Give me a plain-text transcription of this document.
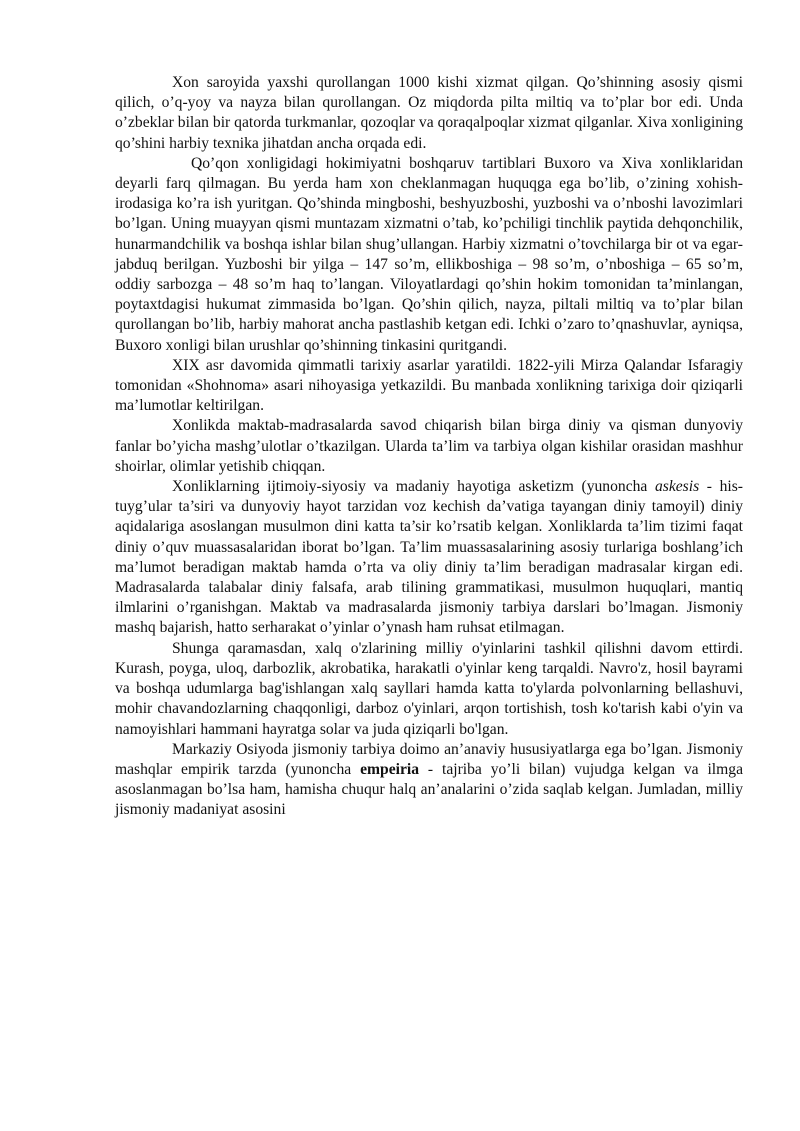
Xon saroyida yaxshi qurollangan 1000 kishi xizmat qilgan. Qo’shinning asosiy qismi qilich, o’q-yoy va nayza bilan qurollangan. Oz miqdorda pilta miltiq va to’plar bor edi. Unda o’zbeklar bilan bir qatorda turkmanlar, qozoqlar va qoraqalpoqlar xizmat qilganlar. Xiva xonligining qo’shini harbiy texnika jihatdan ancha orqada edi.

Qo’qon xonligidagi hokimiyatni boshqaruv tartiblari Buxoro va Xiva xonliklaridan deyarli farq qilmagan. Bu yerda ham xon cheklanmagan huquqga ega bo’lib, o’zining xohish-irodasiga ko’ra ish yuritgan. Qo’shinda mingboshi, beshyuzboshi, yuzboshi va o’nboshi lavozimlari bo’lgan. Uning muayyan qismi muntazam xizmatni o’tab, ko’pchiligi tinchlik paytida dehqonchilik, hunarmandchilik va boshqa ishlar bilan shug’ullangan. Harbiy xizmatni o’tovchilarga bir ot va egar-jabduq berilgan. Yuzboshi bir yilga – 147 so’m, ellikboshiga – 98 so’m, o’nboshiga – 65 so’m, oddiy sarbozga – 48 so’m haq to’langan. Viloyatlardagi qo’shin hokim tomonidan ta’minlangan, poytaxtdagisi hukumat zimmasida bo’lgan. Qo’shin qilich, nayza, piltali miltiq va to’plar bilan qurollangan bo’lib, harbiy mahorat ancha pastlashib ketgan edi. Ichki o’zaro to’qnashuvlar, ayniqsa, Buxoro xonligi bilan urushlar qo’shinning tinkasini quritgandi.

XIX asr davomida qimmatli tarixiy asarlar yaratildi. 1822-yili Mirza Qalandar Isfaragiy tomonidan «Shohnoma» asari nihoyasiga yetkazildi. Bu manbada xonlikning tarixiga doir qiziqarli ma’lumotlar keltirilgan.

Xonlikda maktab-madrasalarda savod chiqarish bilan birga diniy va qisman dunyoviy fanlar bo’yicha mashg’ulotlar o’tkazilgan. Ularda ta’lim va tarbiya olgan kishilar orasidan mashhur shoirlar, olimlar yetishib chiqqan.

Xonliklarning ijtimoiy-siyosiy va madaniy hayotiga asketizm (yunoncha askesis - his-tuyg’ular ta’siri va dunyoviy hayot tarzidan voz kechish da’vatiga tayangan diniy tamoyil) diniy aqidalariga asoslangan musulmon dini katta ta’sir ko’rsatib kelgan. Xonliklarda ta’lim tizimi faqat diniy o’quv muassasalaridan iborat bo’lgan. Ta’lim muassasalarining asosiy turlariga boshlang’ich ma’lumot beradigan maktab hamda o’rta va oliy diniy ta’lim beradigan madrasalar kirgan edi. Madrasalarda talabalar diniy falsafa, arab tilining grammatikasi, musulmon huquqlari, mantiq ilmlarini o’rganishgan. Maktab va madrasalarda jismoniy tarbiya darslari bo’lmagan. Jismoniy mashq bajarish, hatto serharakat o’yinlar o’ynash ham ruhsat etilmagan.

Shunga qaramasdan, xalq o'zlarining milliy o'yinlarini tashkil qilishni davom ettirdi. Kurash, poyga, uloq, darbozlik, akrobatika, harakatli o'yinlar keng tarqaldi. Navro'z, hosil bayrami va boshqa udumlarga bag'ishlangan xalq sayllari hamda katta to'ylarda polvonlarning bellashuvi, mohir chavandozlarning chaqqonligi, darboz o'yinlari, arqon tortishish, tosh ko'tarish kabi o'yin va namoyishlari hammani hayratga solar va juda qiziqarli bo'lgan.

Markaziy Osiyoda jismoniy tarbiya doimo an’anaviy hususiyatlarga ega bo’lgan. Jismoniy mashqlar empirik tarzda (yunoncha empeiria - tajriba yo’li bilan) vujudga kelgan va ilmga asoslanmagan bo’lsa ham, hamisha chuqur halq an’analarini o’zida saqlab kelgan. Jumladan, milliy jismoniy madaniyat asosini
